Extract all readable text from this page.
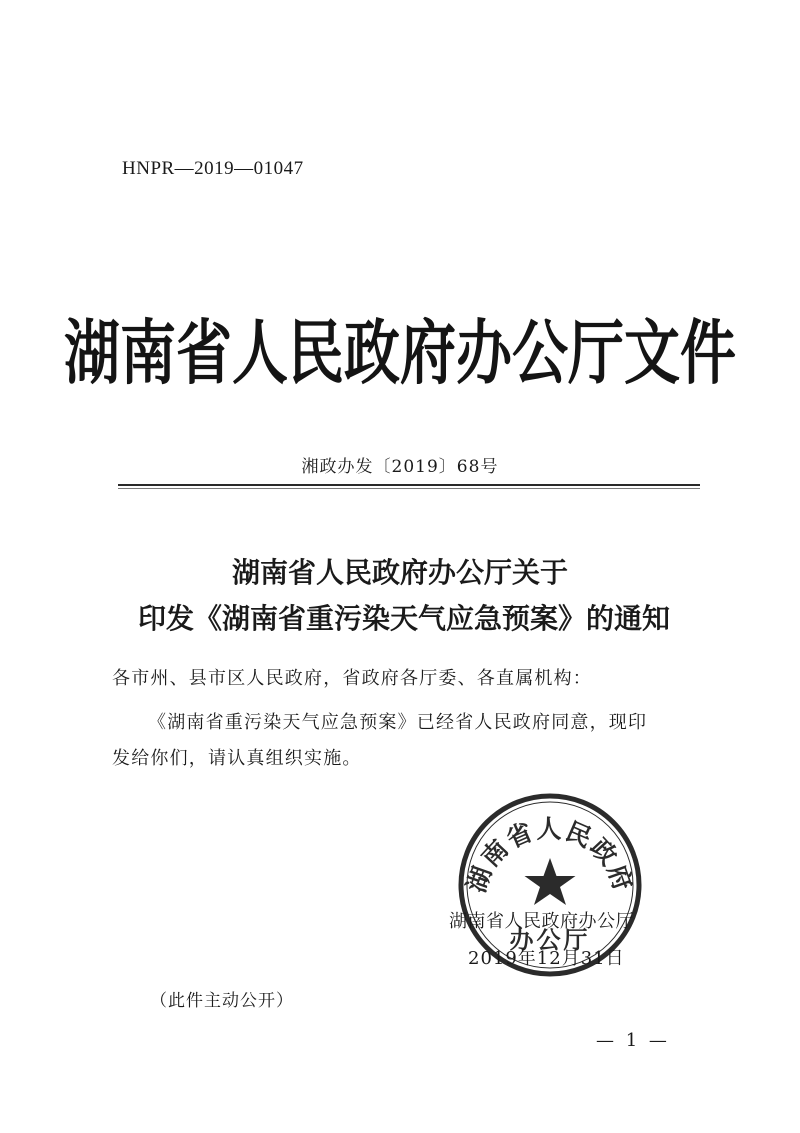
HNPR—2019—01047
湖南省人民政府办公厅文件
湘政办发〔2019〕68号
湖南省人民政府办公厅关于
印发《湖南省重污染天气应急预案》的通知
各市州、县市区人民政府，省政府各厅委、各直属机构：
《湖南省重污染天气应急预案》已经省人民政府同意，现印
发给你们，请认真组织实施。
湖南省人民政府
办公厅
湖南省人民政府办公厅
2019年12月31日
（此件主动公开）
— 1 —
